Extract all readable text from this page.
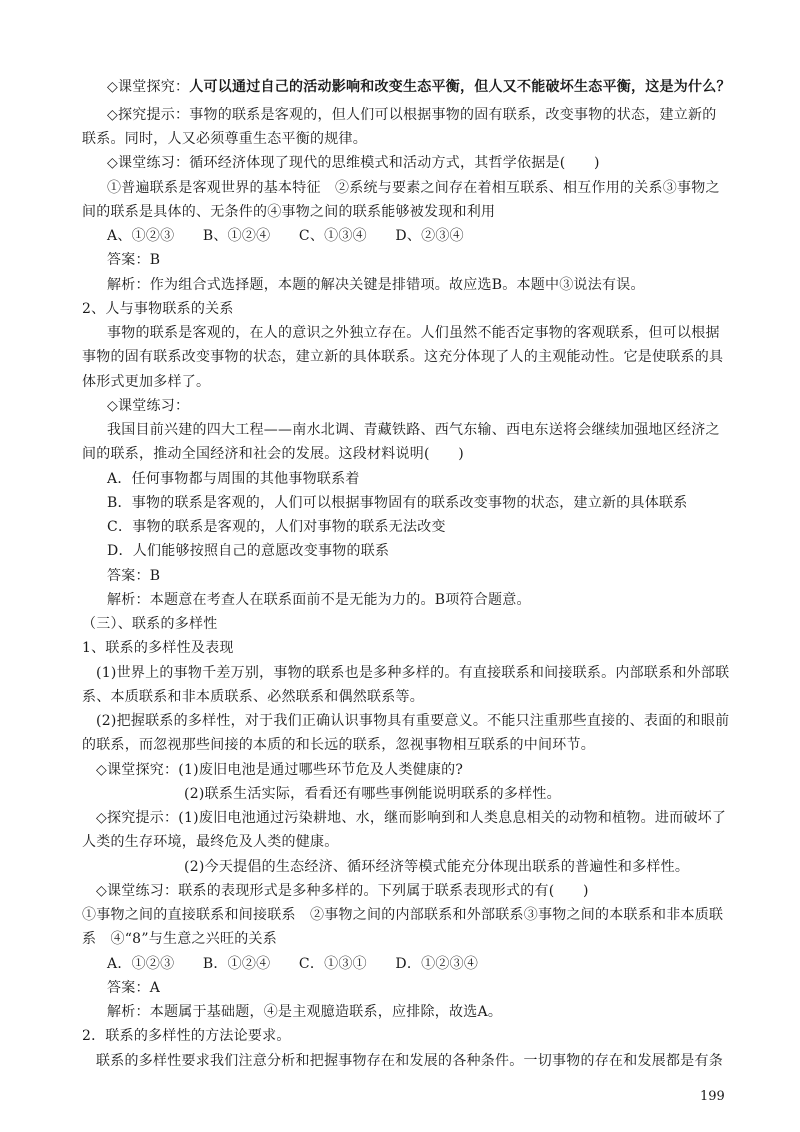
◇课堂探究：人可以通过自己的活动影响和改变生态平衡，但人又不能破坏生态平衡，这是为什么？
◇探究提示：事物的联系是客观的，但人们可以根据事物的固有联系，改变事物的状态，建立新的
联系。同时，人又必须尊重生态平衡的规律。
◇课堂练习：循环经济体现了现代的思维模式和活动方式，其哲学依据是(　　)
①普遍联系是客观世界的基本特征　②系统与要素之间存在着相互联系、相互作用的关系③事物之
间的联系是具体的、无条件的④事物之间的联系能够被发现和利用
A、①②③　　B、①②④　　C、①③④　　D、②③④
答案：B
解析：作为组合式选择题，本题的解决关键是排错项。故应选B。本题中③说法有误。
2、人与事物联系的关系
事物的联系是客观的，在人的意识之外独立存在。人们虽然不能否定事物的客观联系，但可以根据
事物的固有联系改变事物的状态，建立新的具体联系。这充分体现了人的主观能动性。它是使联系的具
体形式更加多样了。
◇课堂练习：
我国目前兴建的四大工程——南水北调、青藏铁路、西气东输、西电东送将会继续加强地区经济之
间的联系，推动全国经济和社会的发展。这段材料说明(　　)
A．任何事物都与周围的其他事物联系着
B．事物的联系是客观的，人们可以根据事物固有的联系改变事物的状态，建立新的具体联系
C．事物的联系是客观的，人们对事物的联系无法改变
D．人们能够按照自己的意愿改变事物的联系
答案：B
解析：本题意在考查人在联系面前不是无能为力的。B项符合题意。
（三）、联系的多样性
1、联系的多样性及表现
(1)世界上的事物千差万别，事物的联系也是多种多样的。有直接联系和间接联系。内部联系和外部联
系、本质联系和非本质联系、必然联系和偶然联系等。
(2)把握联系的多样性，对于我们正确认识事物具有重要意义。不能只注重那些直接的、表面的和眼前
的联系，而忽视那些间接的本质的和长远的联系，忽视事物相互联系的中间环节。
◇课堂探究：(1)废旧电池是通过哪些环节危及人类健康的?
(2)联系生活实际，看看还有哪些事例能说明联系的多样性。
◇探究提示：(1)废旧电池通过污染耕地、水，继而影响到和人类息息相关的动物和植物。进而破坏了
人类的生存环境，最终危及人类的健康。
(2)今天提倡的生态经济、循环经济等模式能充分体现出联系的普遍性和多样性。
◇课堂练习：联系的表现形式是多种多样的。下列属于联系表现形式的有(　　)
①事物之间的直接联系和间接联系　②事物之间的内部联系和外部联系③事物之间的本联系和非本质联
系　④“8”与生意之兴旺的关系
A．①②③　　B．①②④　　C．①③①　　D．①②③④
答案：A
解析：本题属于基础题，④是主观臆造联系，应排除，故选A。
2．联系的多样性的方法论要求。
联系的多样性要求我们注意分析和把握事物存在和发展的各种条件。一切事物的存在和发展都是有条
199
